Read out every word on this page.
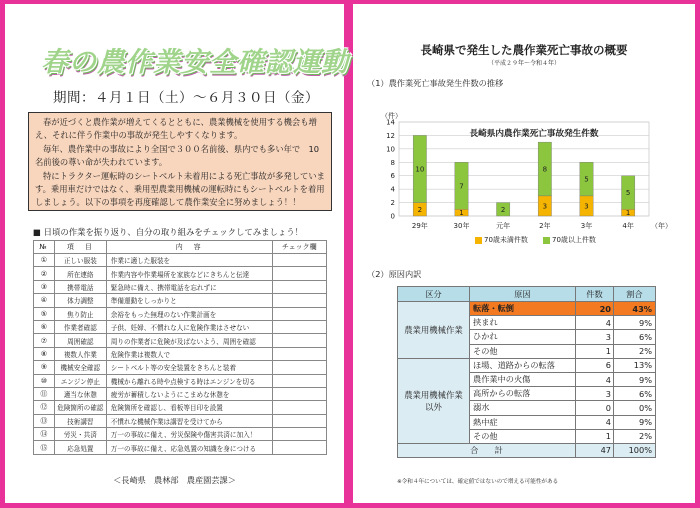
春の農作業安全確認運動
期間：４月１日（土）～６月３０日（金）

春が近づくと農作業が増えてくるとともに、農業機械を使用する機会も増え、それに伴う作業中の事故が発生しやすくなります。

毎年、農作業中の事故により全国で３００名前後、県内でも多い年で　10名前後の尊い命が失われています。

特にトラクター運転時のシートベルト未着用による死亡事故が多発しています。乗用車だけではなく、乗用型農業用機械の運転時にもシートベルトを着用しましょう。以下の事項を再度確認して農作業安全に努めましょう！！

■ 日頃の作業を振り返り、自分の取り組みをチェックしてみましょう！
№	項　目	内　容	チェック欄
①	正しい服装	作業に適した服装を	
②	所在連絡	作業内容や作業場所を家族などにきちんと伝達	
③	携帯電話	緊急時に備え、携帯電話を忘れずに	
④	体力調整	準備運動をしっかりと	
⑤	焦り防止	余裕をもった無理のない作業計画を	
⑥	作業者確認	子供、妊婦、不慣れな人に危険作業はさせない	
⑦	周囲確認	周りの作業者に危険が及ばないよう、周囲を確認	
⑧	複数人作業	危険作業は複数人で	
⑨	機械安全確認	シートベルト等の安全装置をきちんと装着	
⑩	エンジン停止	機械から離れる時や点検する時はエンジンを切る	
⑪	適当な休憩	疲労が蓄積しないようにこまめな休憩を	
⑫	危険箇所の確認	危険箇所を確認し、看板等目印を設置	
⑬	技術講習	不慣れな機械作業は講習を受けてから	
⑭	労災・共済	万一の事故に備え、労災保険や傷害共済に加入！	
⑮	応急処置	万一の事故に備え、応急処置の知識を身につける	
＜長崎県　農林部　農産園芸課＞
長崎県で発生した農作業死亡事故の概要
（平成２９年～令和４年）
（1）農作業死亡事故発生件数の推移
0
2
4
6
8
10
12
14
（件）
（年）
長崎県内農作業死亡事故発生件数
2
10
29年
1
7
30年
2
元年
3
8
2年
3
5
3年
1
5
4年
70歳未満件数	70歳以上件数
（2）原因内訳
区分	原因	件数	割合
農業用機械作業	転落・転倒	20	43%
	挟まれ	4	9%
	ひかれ	3	6%
	その他	1	2%
農業用機械作業以外	ほ場、道路からの転落	6	13%
	農作業中の火傷	4	9%
	高所からの転落	3	6%
	溺水	0	0%
	熱中症	4	9%
	その他	1	2%
合　　計		47	100%
※令和４年については、確定値ではないので増える可能性がある
